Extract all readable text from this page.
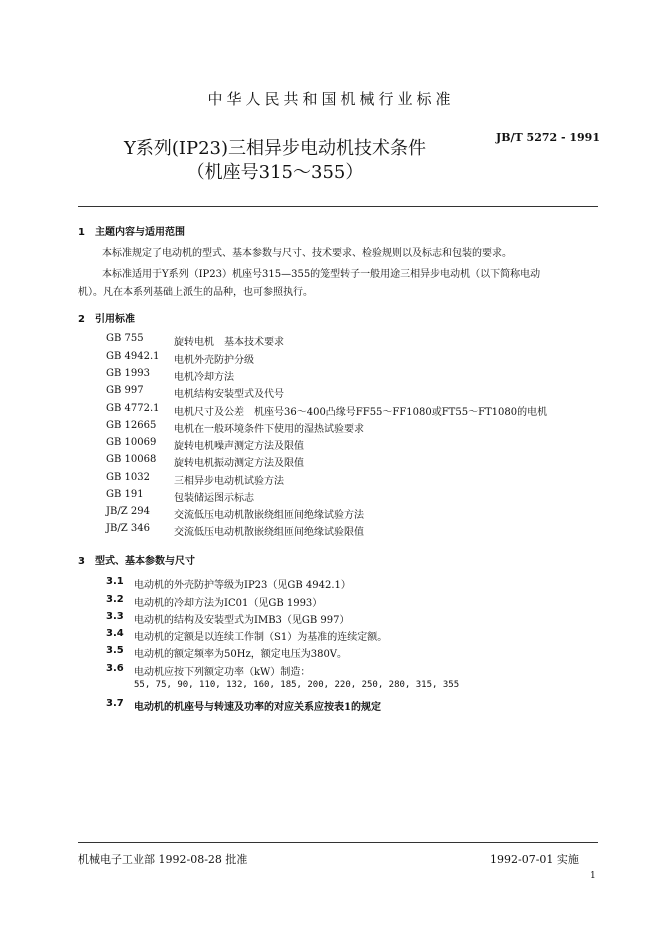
中华人民共和国机械行业标准
Y系列(IP23)三相异步电动机技术条件
（机座号315～355）
JB/T 5272 - 1991
1　主题内容与适用范围
本标准规定了电动机的型式、基本参数与尺寸、技术要求、检验规则以及标志和包装的要求。
本标准适用于Y系列（IP23）机座号315—355的笼型转子一般用途三相异步电动机（以下简称电动
机）。凡在本系列基础上派生的品种，也可参照执行。
2　引用标准
GB 755	旋转电机　基本技术要求
GB 4942.1 电机外壳防护分级
GB 1993 电机冷却方法
GB 997	电机结构安装型式及代号
GB 4772.1 电机尺寸及公差　机座号36～400凸缘号FF55～FF1080或FT55～FT1080的电机
GB 12665 电机在一般环境条件下使用的湿热试验要求
GB 10069 旋转电机噪声测定方法及限值
GB 10068 旋转电机振动测定方法及限值
GB 1032 三相异步电动机试验方法
GB 191	包装储运图示标志
JB/Z 294 交流低压电动机散嵌绕组匝间绝缘试验方法
JB/Z 346 交流低压电动机散嵌绕组匝间绝缘试验限值
3　型式、基本参数与尺寸
3.1 电动机的外壳防护等级为IP23（见GB 4942.1）
3.2 电动机的冷却方法为IC01（见GB 1993）
3.3 电动机的结构及安装型式为IMB3（见GB 997）
3.4 电动机的定额是以连续工作制（S1）为基准的连续定额。
3.5 电动机的额定频率为50Hz，额定电压为380V。
3.6 电动机应按下列额定功率（kW）制造：
55, 75, 90, 110, 132, 160, 185, 200, 220, 250, 280, 315, 355
3.7 电动机的机座号与转速及功率的对应关系应按表1的规定
机械电子工业部 1992-08-28 批准	1992-07-01 实施
1
